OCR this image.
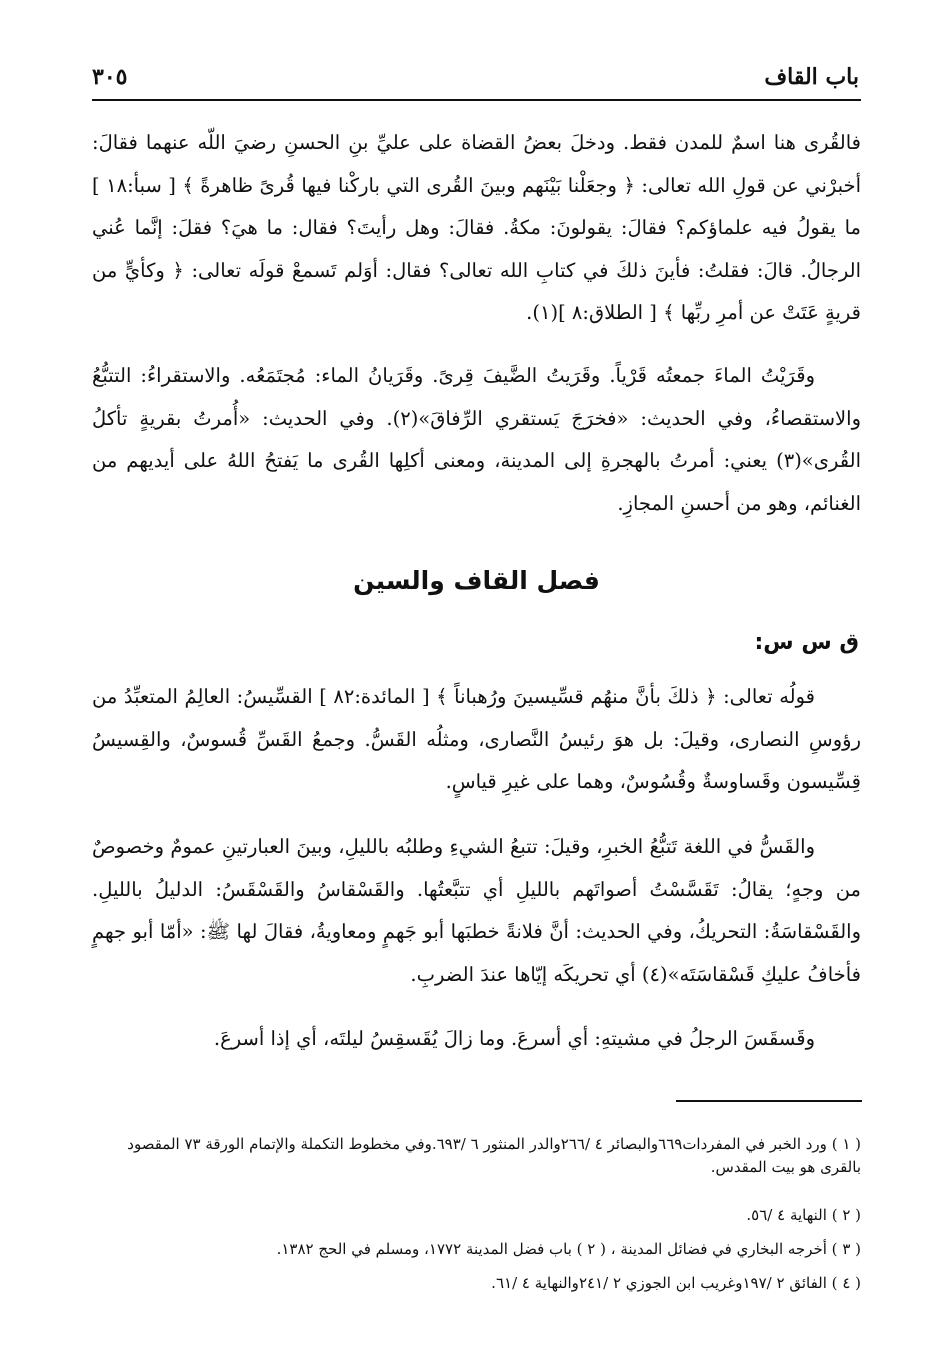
باب القاف
٣٠٥

فالقُرى هنا اسمٌ للمدن فقط. ودخلَ بعضُ القضاة على عليِّ بنِ الحسنِ رضيَ اللّه عنهما فقالَ: أخبرْني عن قولِ الله تعالى: ﴿ وجعَلْنا بَيْنَهم وبينَ القُرى التي باركْنا فيها قُرىً ظاهرةً ﴾ [ سبأ:١٨ ] ما يقولُ فيه علماؤكم؟ فقالَ: يقولونَ: مكةُ. فقالَ: وهل رأيتَ؟ فقال: ما هيَ؟ فقلَ: إنَّما عُني الرجالُ. قالَ: فقلتُ: فأينَ ذلكَ في كتابِ الله تعالى؟ فقال: أوَلم تَسمعْ قولَه تعالى: ﴿ وكأيٍّ من قريةٍ عَتَتْ عن أمرِ ربِّها ﴾ [ الطلاق:٨ ](١).

وقَرَيْتُ الماءَ جمعتُه قَرْياً. وقَرَيتُ الضَّيفَ قِرىً. وقَرَيانُ الماء: مُجتَمَعُه. والاستقراءُ: التتبُّعُ والاستقصاءُ، وفي الحديث: «فخرَجَ يَستقري الرِّفاقَ»(٢). وفي الحديث: «أُمرتُ بقريةٍ تأكلُ القُرى»(٣) يعني: أمرتُ بالهجرةِ إلى المدينة، ومعنى أكلِها القُرى ما يَفتحُ اللهُ على أيديهم من الغنائم، وهو من أحسنِ المجازِ.

فصل القاف والسين
ق س س:

قولُه تعالى: ﴿ ذلكَ بأنَّ منهُم قسِّيسينَ ورُهباناً ﴾ [ المائدة:٨٢ ] القسِّيسُ: العالِمُ المتعبِّدُ من رؤوسِ النصارى، وقيلَ: بل هوَ رئيسُ النَّصارى، ومثلُه القَسُّ. وجمعُ القَسِّ قُسوسٌ، والقِسيسُ قِسِّيسون وقَساوسةٌ وقُسُوسٌ، وهما على غيرِ قياسٍ.

والقَسُّ في اللغة تَتبُّعُ الخبرِ، وقيلَ: تتبعُ الشيءِ وطلبُه بالليلِ، وبينَ العبارتينِ عمومٌ وخصوصٌ من وجهٍ؛ يقالُ: تَقَسَّسْتُ أصواتَهم بالليلِ أي تتبَّعتُها. والقَسْقاسُ والقَسْقَسُ: الدليلُ بالليلِ. والقَسْقاسَةُ: التحريكُ، وفي الحديث: أنَّ فلانةً خطبَها أبو جَهمٍ ومعاويةُ، فقالَ لها ﷺ: «أمّا أبو جهمٍ فأخافُ عليكِ قَسْقاسَتَه»(٤) أي تحريكَه إيّاها عندَ الضربِ.

وقَسقَسَ الرجلُ في مشيتهِ: أي أسرعَ. وما زالَ يُقَسقِسُ ليلتَه، أي إذا أسرعَ.

( ١ ) ورد الخبر في المفردات٦٦٩والبصائر ٤ /٢٦٦والدر المنثور ٦ /٦٩٣.وفي مخطوط التكملة والإتمام الورقة ٧٣ المقصود بالقرى هو بيت المقدس.

( ٢ ) النهاية ٤ /٥٦.

( ٣ ) أخرجه البخاري في فضائل المدينة ، ( ٢ ) باب فضل المدينة ١٧٧٢، ومسلم في الحج ١٣٨٢.

( ٤ ) الفائق ٢ /١٩٧وغريب ابن الجوزي ٢ /٢٤١والنهاية ٤ /٦١.
